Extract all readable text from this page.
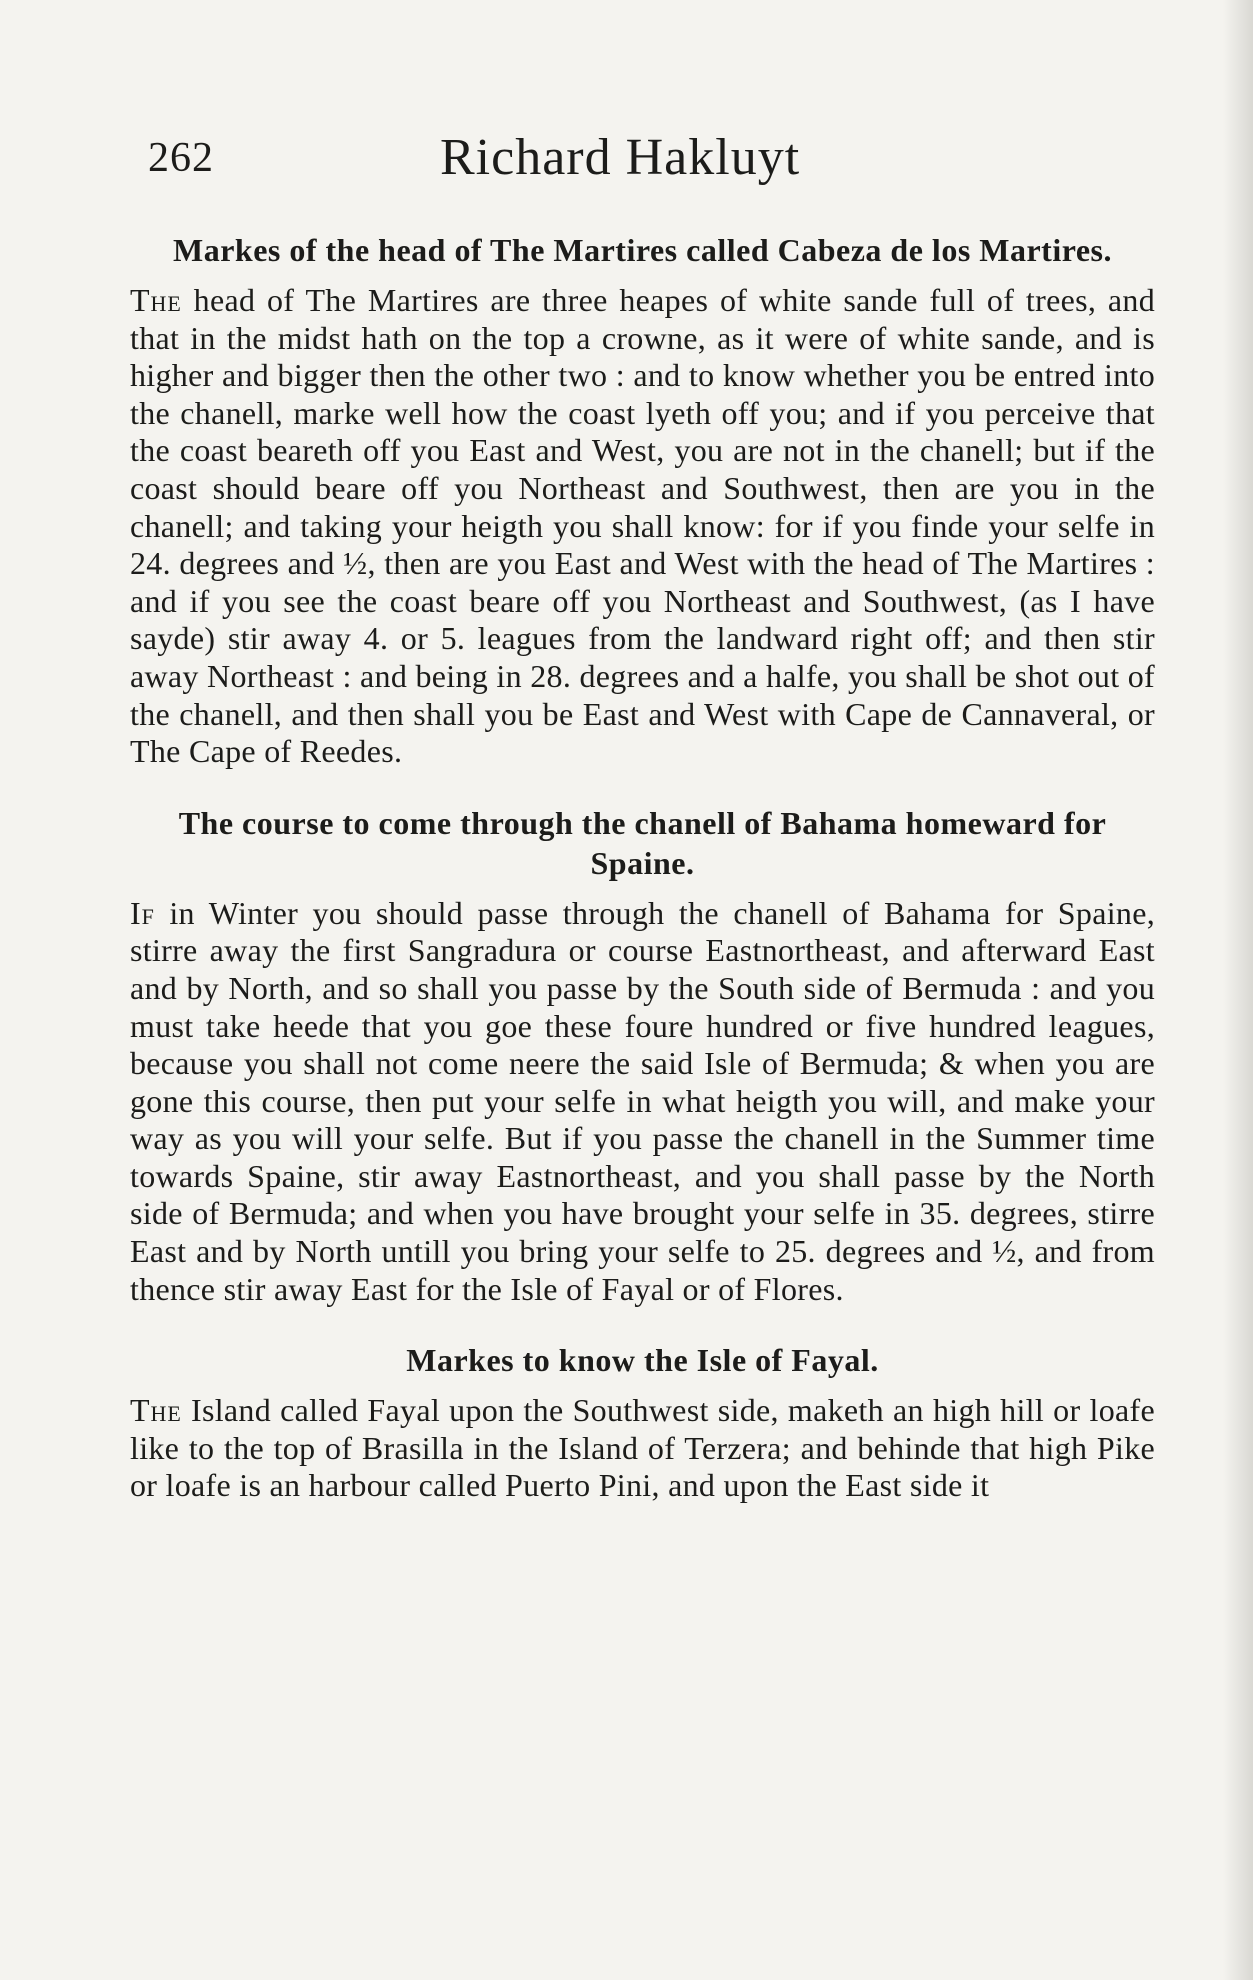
262	Richard Hakluyt
Markes of the head of The Martires called Cabeza de los Martires.

The head of The Martires are three heapes of white sande full of trees, and that in the midst hath on the top a crowne, as it were of white sande, and is higher and bigger then the other two : and to know whether you be entred into the chanell, marke well how the coast lyeth off you; and if you perceive that the coast beareth off you East and West, you are not in the chanell; but if the coast should beare off you Northeast and Southwest, then are you in the chanell; and taking your heigth you shall know: for if you finde your selfe in 24. degrees and ½, then are you East and West with the head of The Martires : and if you see the coast beare off you Northeast and Southwest, (as I have sayde) stir away 4. or 5. leagues from the landward right off; and then stir away Northeast : and being in 28. degrees and a halfe, you shall be shot out of the chanell, and then shall you be East and West with Cape de Cannaveral, or The Cape of Reedes.

The course to come through the chanell of Bahama homeward for Spaine.

If in Winter you should passe through the chanell of Bahama for Spaine, stirre away the first Sangradura or course Eastnortheast, and afterward East and by North, and so shall you passe by the South side of Bermuda : and you must take heede that you goe these foure hundred or five hundred leagues, because you shall not come neere the said Isle of Bermuda; & when you are gone this course, then put your selfe in what heigth you will, and make your way as you will your selfe. But if you passe the chanell in the Summer time towards Spaine, stir away Eastnortheast, and you shall passe by the North side of Bermuda; and when you have brought your selfe in 35. degrees, stirre East and by North untill you bring your selfe to 25. degrees and ½, and from thence stir away East for the Isle of Fayal or of Flores.

Markes to know the Isle of Fayal.

The Island called Fayal upon the Southwest side, maketh an high hill or loafe like to the top of Brasilla in the Island of Terzera; and behinde that high Pike or loafe is an harbour called Puerto Pini, and upon the East side it
